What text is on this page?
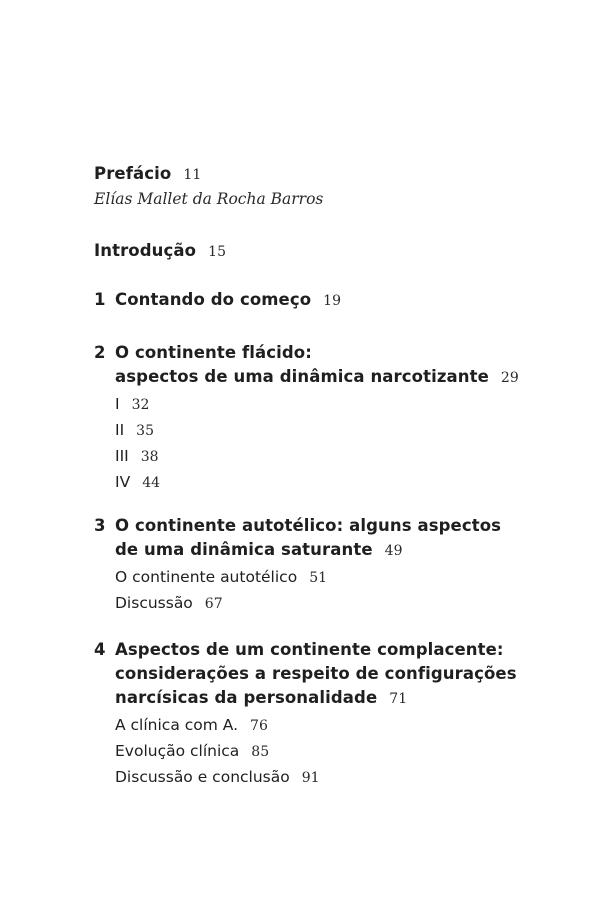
Prefácio 11
Elías Mallet da Rocha Barros
Introdução 15
1 Contando do começo 19
2 O continente flácido:
aspectos de uma dinâmica narcotizante 29
I 32
II 35
III 38
IV 44
3 O continente autotélico: alguns aspectos
de uma dinâmica saturante 49
O continente autotélico 51
Discussão 67
4 Aspectos de um continente complacente:
considerações a respeito de configurações
narcísicas da personalidade 71
A clínica com A. 76
Evolução clínica 85
Discussão e conclusão 91
